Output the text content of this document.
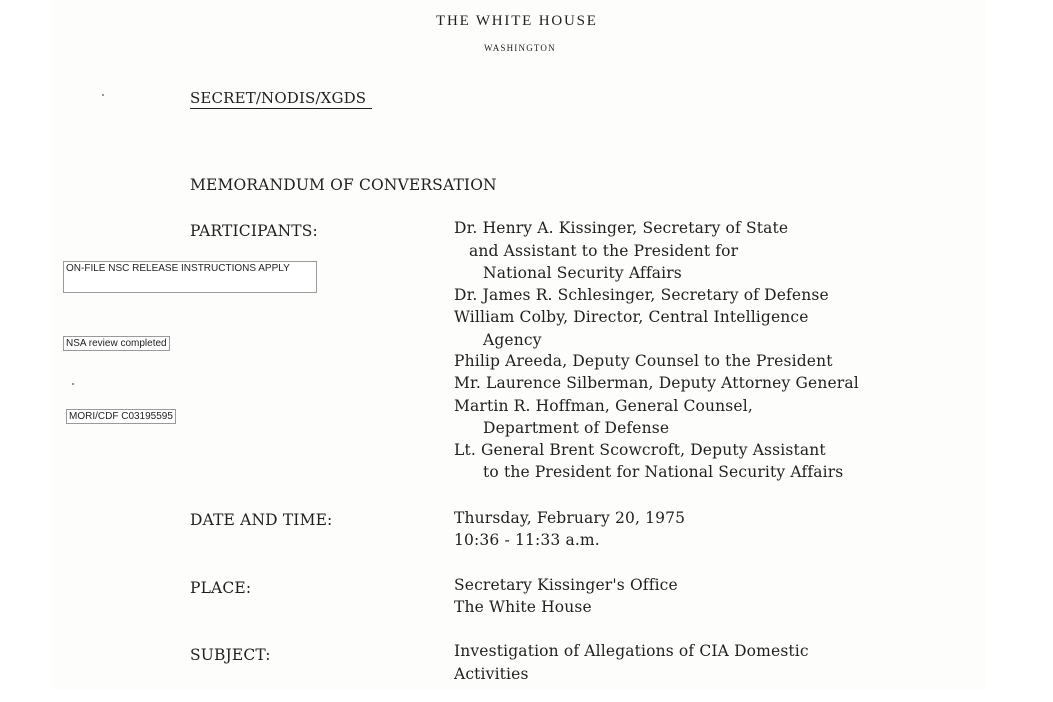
THE WHITE HOUSE
WASHINGTON
SECRET/NODIS/XGDS
MEMORANDUM OF CONVERSATION
PARTICIPANTS:	Dr. Henry A. Kissinger, Secretary of State
and Assistant to the President for
National Security Affairs
Dr. James R. Schlesinger, Secretary of Defense
William Colby, Director, Central Intelligence
Agency
Philip Areeda, Deputy Counsel to the President
Mr. Laurence Silberman, Deputy Attorney General
Martin R. Hoffman, General Counsel,
Department of Defense
Lt. General Brent Scowcroft, Deputy Assistant
to the President for National Security Affairs
DATE AND TIME:	Thursday, February 20, 1975
10:36 - 11:33 a.m.
PLACE:	Secretary Kissinger's Office
The White House
SUBJECT:	Investigation of Allegations of CIA Domestic
Activities
ON-FILE NSC RELEASE INSTRUCTIONS APPLY
NSA review completed
MORI/CDF C03195595
